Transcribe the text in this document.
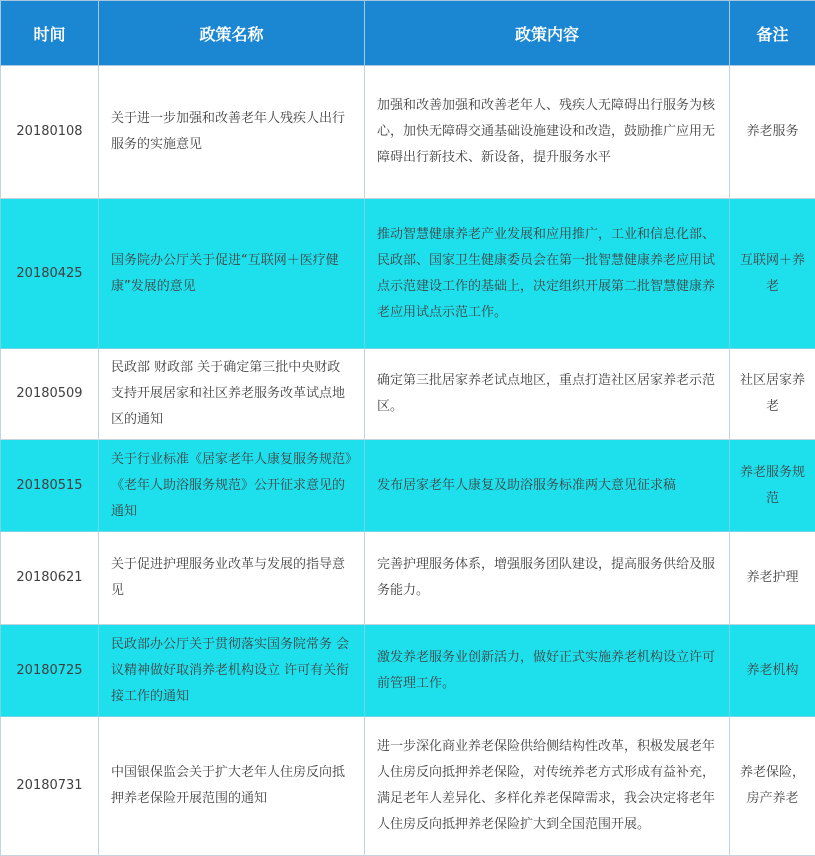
时间	政策名称	政策内容	备注
20180108	关于进一步加强和改善老年人残疾人出行服务的实施意见	加强和改善加强和改善老年人、残疾人无障碍出行服务为核心，加快无障碍交通基础设施建设和改造，鼓励推广应用无障碍出行新技术、新设备，提升服务水平	养老服务
20180425	国务院办公厅关于促进“互联网＋医疗健康”发展的意见	推动智慧健康养老产业发展和应用推广，工业和信息化部、民政部、国家卫生健康委员会在第一批智慧健康养老应用试点示范建设工作的基础上，决定组织开展第二批智慧健康养老应用试点示范工作。	互联网＋养老
20180509	民政部 财政部 关于确定第三批中央财政支持开展居家和社区养老服务改革试点地区的通知	确定第三批居家养老试点地区，重点打造社区居家养老示范区。	社区居家养老
20180515	关于行业标准《居家老年人康复服务规范》《老年人助浴服务规范》公开征求意见的通知	发布居家老年人康复及助浴服务标准两大意见征求稿	养老服务规范
20180621	关于促进护理服务业改革与发展的指导意见	完善护理服务体系，增强服务团队建设，提高服务供给及服务能力。	养老护理
20180725	民政部办公厅关于贯彻落实国务院常务 会议精神做好取消养老机构设立 许可有关衔接工作的通知	激发养老服务业创新活力，做好正式实施养老机构设立许可前管理工作。	养老机构
20180731	中国银保监会关于扩大老年人住房反向抵押养老保险开展范围的通知	进一步深化商业养老保险供给侧结构性改革，积极发展老年人住房反向抵押养老保险，对传统养老方式形成有益补充，满足老年人差异化、多样化养老保障需求，我会决定将老年人住房反向抵押养老保险扩大到全国范围开展。	养老保险，房产养老
